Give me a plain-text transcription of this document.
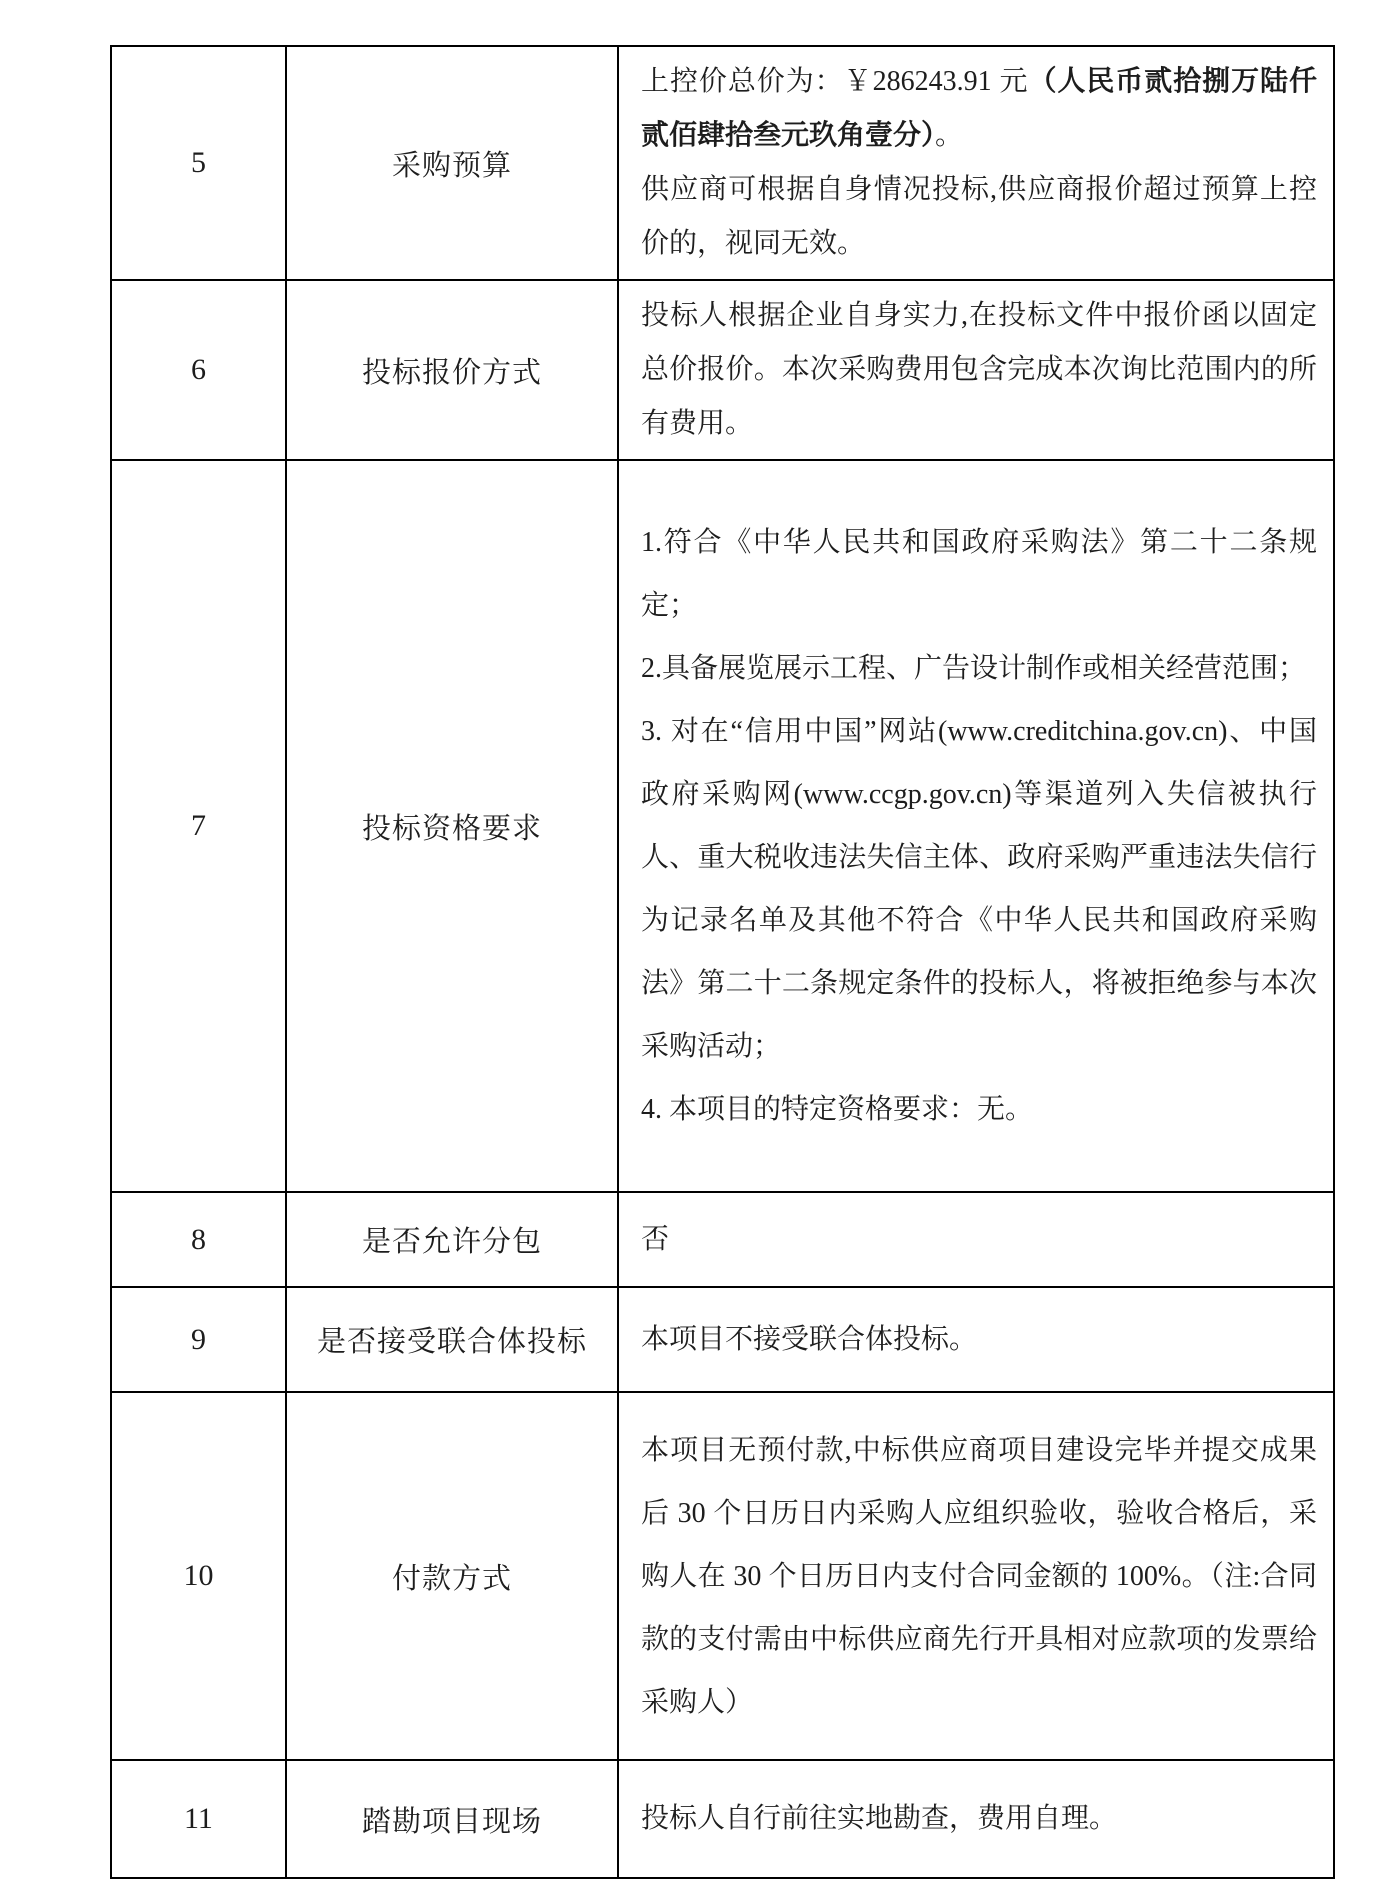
5	采购预算	上控价总价为：￥286243.91 元（人民币贰拾捌万陆仟贰佰肆拾叁元玖角壹分）。

供应商可根据自身情况投标,供应商报价超过预算上控价的，视同无效。

6	投标报价方式	投标人根据企业自身实力,在投标文件中报价函以固定总价报价。本次采购费用包含完成本次询比范围内的所有费用。

7	投标资格要求	1.符合《中华人民共和国政府采购法》第二十二条规定；

2.具备展览展示工程、广告设计制作或相关经营范围；

3. 对在“信用中国”网站(www.creditchina.gov.cn)、中国政府采购网(www.ccgp.gov.cn)等渠道列入失信被执行人、重大税收违法失信主体、政府采购严重违法失信行为记录名单及其他不符合《中华人民共和国政府采购法》第二十二条规定条件的投标人，将被拒绝参与本次采购活动；

4. 本项目的特定资格要求：无。

8	是否允许分包	否

9	是否接受联合体投标	本项目不接受联合体投标。

10	付款方式	本项目无预付款,中标供应商项目建设完毕并提交成果后 30 个日历日内采购人应组织验收，验收合格后，采购人在 30 个日历日内支付合同金额的 100%。（注:合同款的支付需由中标供应商先行开具相对应款项的发票给采购人）

11	踏勘项目现场	投标人自行前往实地勘查，费用自理。
